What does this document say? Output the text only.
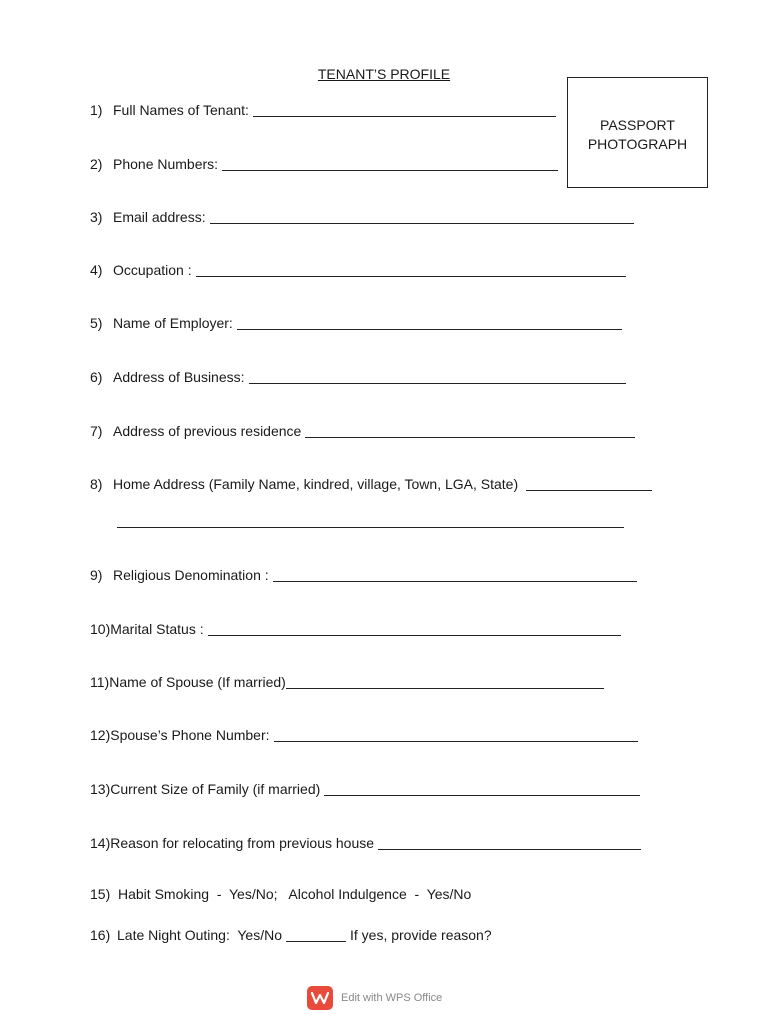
TENANT’S PROFILE
PASSPORT
PHOTOGRAPH
1) Full Names of Tenant:
2) Phone Numbers:
3) Email address:
4) Occupation :
5) Name of Employer:
6) Address of Business:
7) Address of previous residence
8) Home Address (Family Name, kindred, village, Town, LGA, State)
9) Religious Denomination :
10) Marital Status :
11) Name of Spouse (If married)
12) Spouse’s Phone Number:
13) Current Size of Family (if married)
14) Reason for relocating from previous house
15) Habit Smoking  -  Yes/No;   Alcohol Indulgence  -  Yes/No
16) Late Night Outing:  Yes/No	If yes, provide reason?
Edit with WPS Office
